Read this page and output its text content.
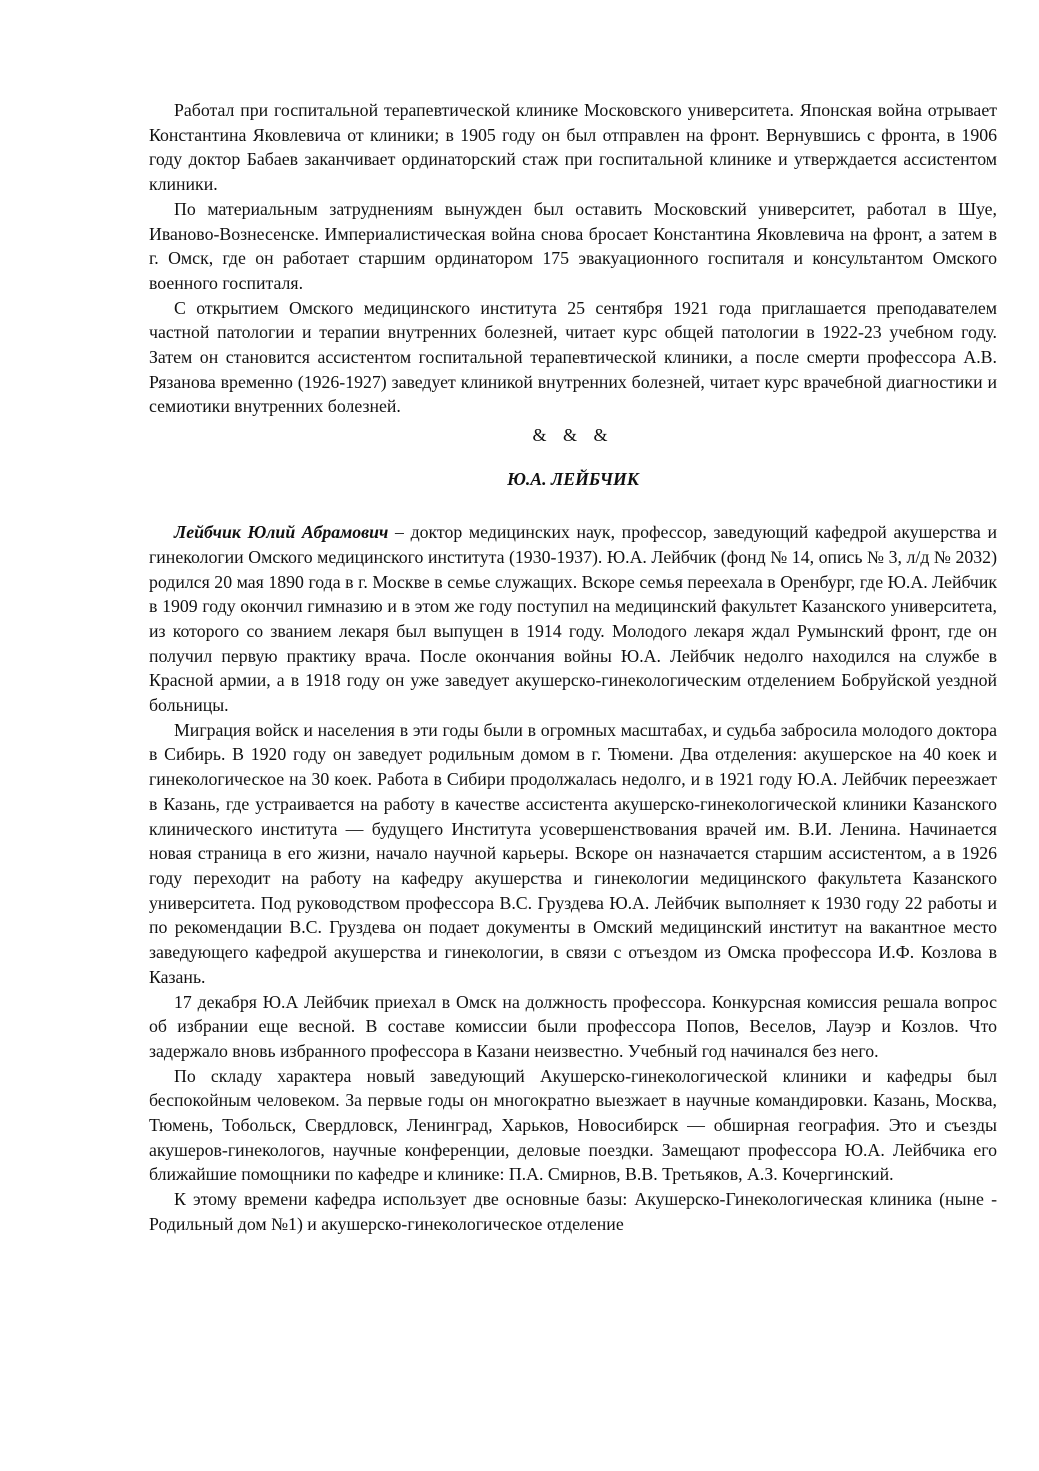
Работал при госпитальной терапевтической клинике Московского университета. Японская война отрывает Константина Яковлевича от клиники; в 1905 году он был отправлен на фронт. Вернувшись с фронта, в 1906 году доктор Бабаев заканчивает ординаторский стаж при госпитальной клинике и утверждается ассистентом клиники.

По материальным затруднениям вынужден был оставить Московский университет, работал в Шуе, Иваново-Вознесенске. Империалистическая война снова бросает Константина Яковлевича на фронт, а затем в г. Омск, где он работает старшим ординатором 175 эвакуационного госпиталя и консультантом Омского военного госпиталя.

С открытием Омского медицинского института 25 сентября 1921 года приглашается преподавателем частной патологии и терапии внутренних болезней, читает курс общей патологии в 1922-23 учебном году. Затем он становится ассистентом госпитальной терапевтической клиники, а после смерти профессора А.В. Рязанова временно (1926-1927) заведует клиникой внутренних болезней, читает курс врачебной диагностики и семиотики внутренних болезней.

& & &
Ю.А. ЛЕЙБЧИК

Лейбчик Юлий Абрамович – доктор медицинских наук, профессор, заведующий кафедрой акушерства и гинекологии Омского медицинского института (1930-1937). Ю.А. Лейбчик (фонд № 14, опись № 3, л/д № 2032) родился 20 мая 1890 года в г. Москве в семье служащих. Вскоре семья переехала в Оренбург, где Ю.А. Лейбчик в 1909 году окончил гимназию и в этом же году поступил на медицинский факультет Казанского университета, из которого со званием лекаря был выпущен в 1914 году. Молодого лекаря ждал Румынский фронт, где он получил первую практику врача. После окончания войны Ю.А. Лейбчик недолго находился на службе в Красной армии, а в 1918 году он уже заведует акушерско-гинекологическим отделением Бобруйской уездной больницы.

Миграция войск и населения в эти годы были в огромных масштабах, и судьба забросила молодого доктора в Сибирь. В 1920 году он заведует родильным домом в г. Тюмени. Два отделения: акушерское на 40 коек и гинекологическое на 30 коек. Работа в Сибири продолжалась недолго, и в 1921 году Ю.А. Лейбчик переезжает в Казань, где устраивается на работу в качестве ассистента акушерско-гинекологической клиники Казанского клинического института — будущего Института усовершенствования врачей им. В.И. Ленина. Начинается новая страница в его жизни, начало научной карьеры. Вскоре он назначается старшим ассистентом, а в 1926 году переходит на работу на кафедру акушерства и гинекологии медицинского факультета Казанского университета. Под руководством профессора В.С. Груздева Ю.А. Лейбчик выполняет к 1930 году 22 работы и по рекомендации В.С. Груздева он подает документы в Омский медицинский институт на вакантное место заведующего кафедрой акушерства и гинекологии, в связи с отъездом из Омска профессора И.Ф. Козлова в Казань.

17 декабря Ю.А Лейбчик приехал в Омск на должность профессора. Конкурсная комиссия решала вопрос об избрании еще весной. В составе комиссии были профессора Попов, Веселов, Лауэр и Козлов. Что задержало вновь избранного профессора в Казани неизвестно. Учебный год начинался без него.

По складу характера новый заведующий Акушерско-гинекологической клиники и кафедры был беспокойным человеком. За первые годы он многократно выезжает в научные командировки. Казань, Москва, Тюмень, Тобольск, Свердловск, Ленинград, Харьков, Новосибирск — обширная география. Это и съезды акушеров-гинекологов, научные конференции, деловые поездки. Замещают профессора Ю.А. Лейбчика его ближайшие помощники по кафедре и клинике: П.А. Смирнов, В.В. Третьяков, А.З. Кочергинский.

К этому времени кафедра использует две основные базы: Акушерско-Гинекологическая клиника (ныне - Родильный дом №1) и акушерско-гинекологическое отделение
